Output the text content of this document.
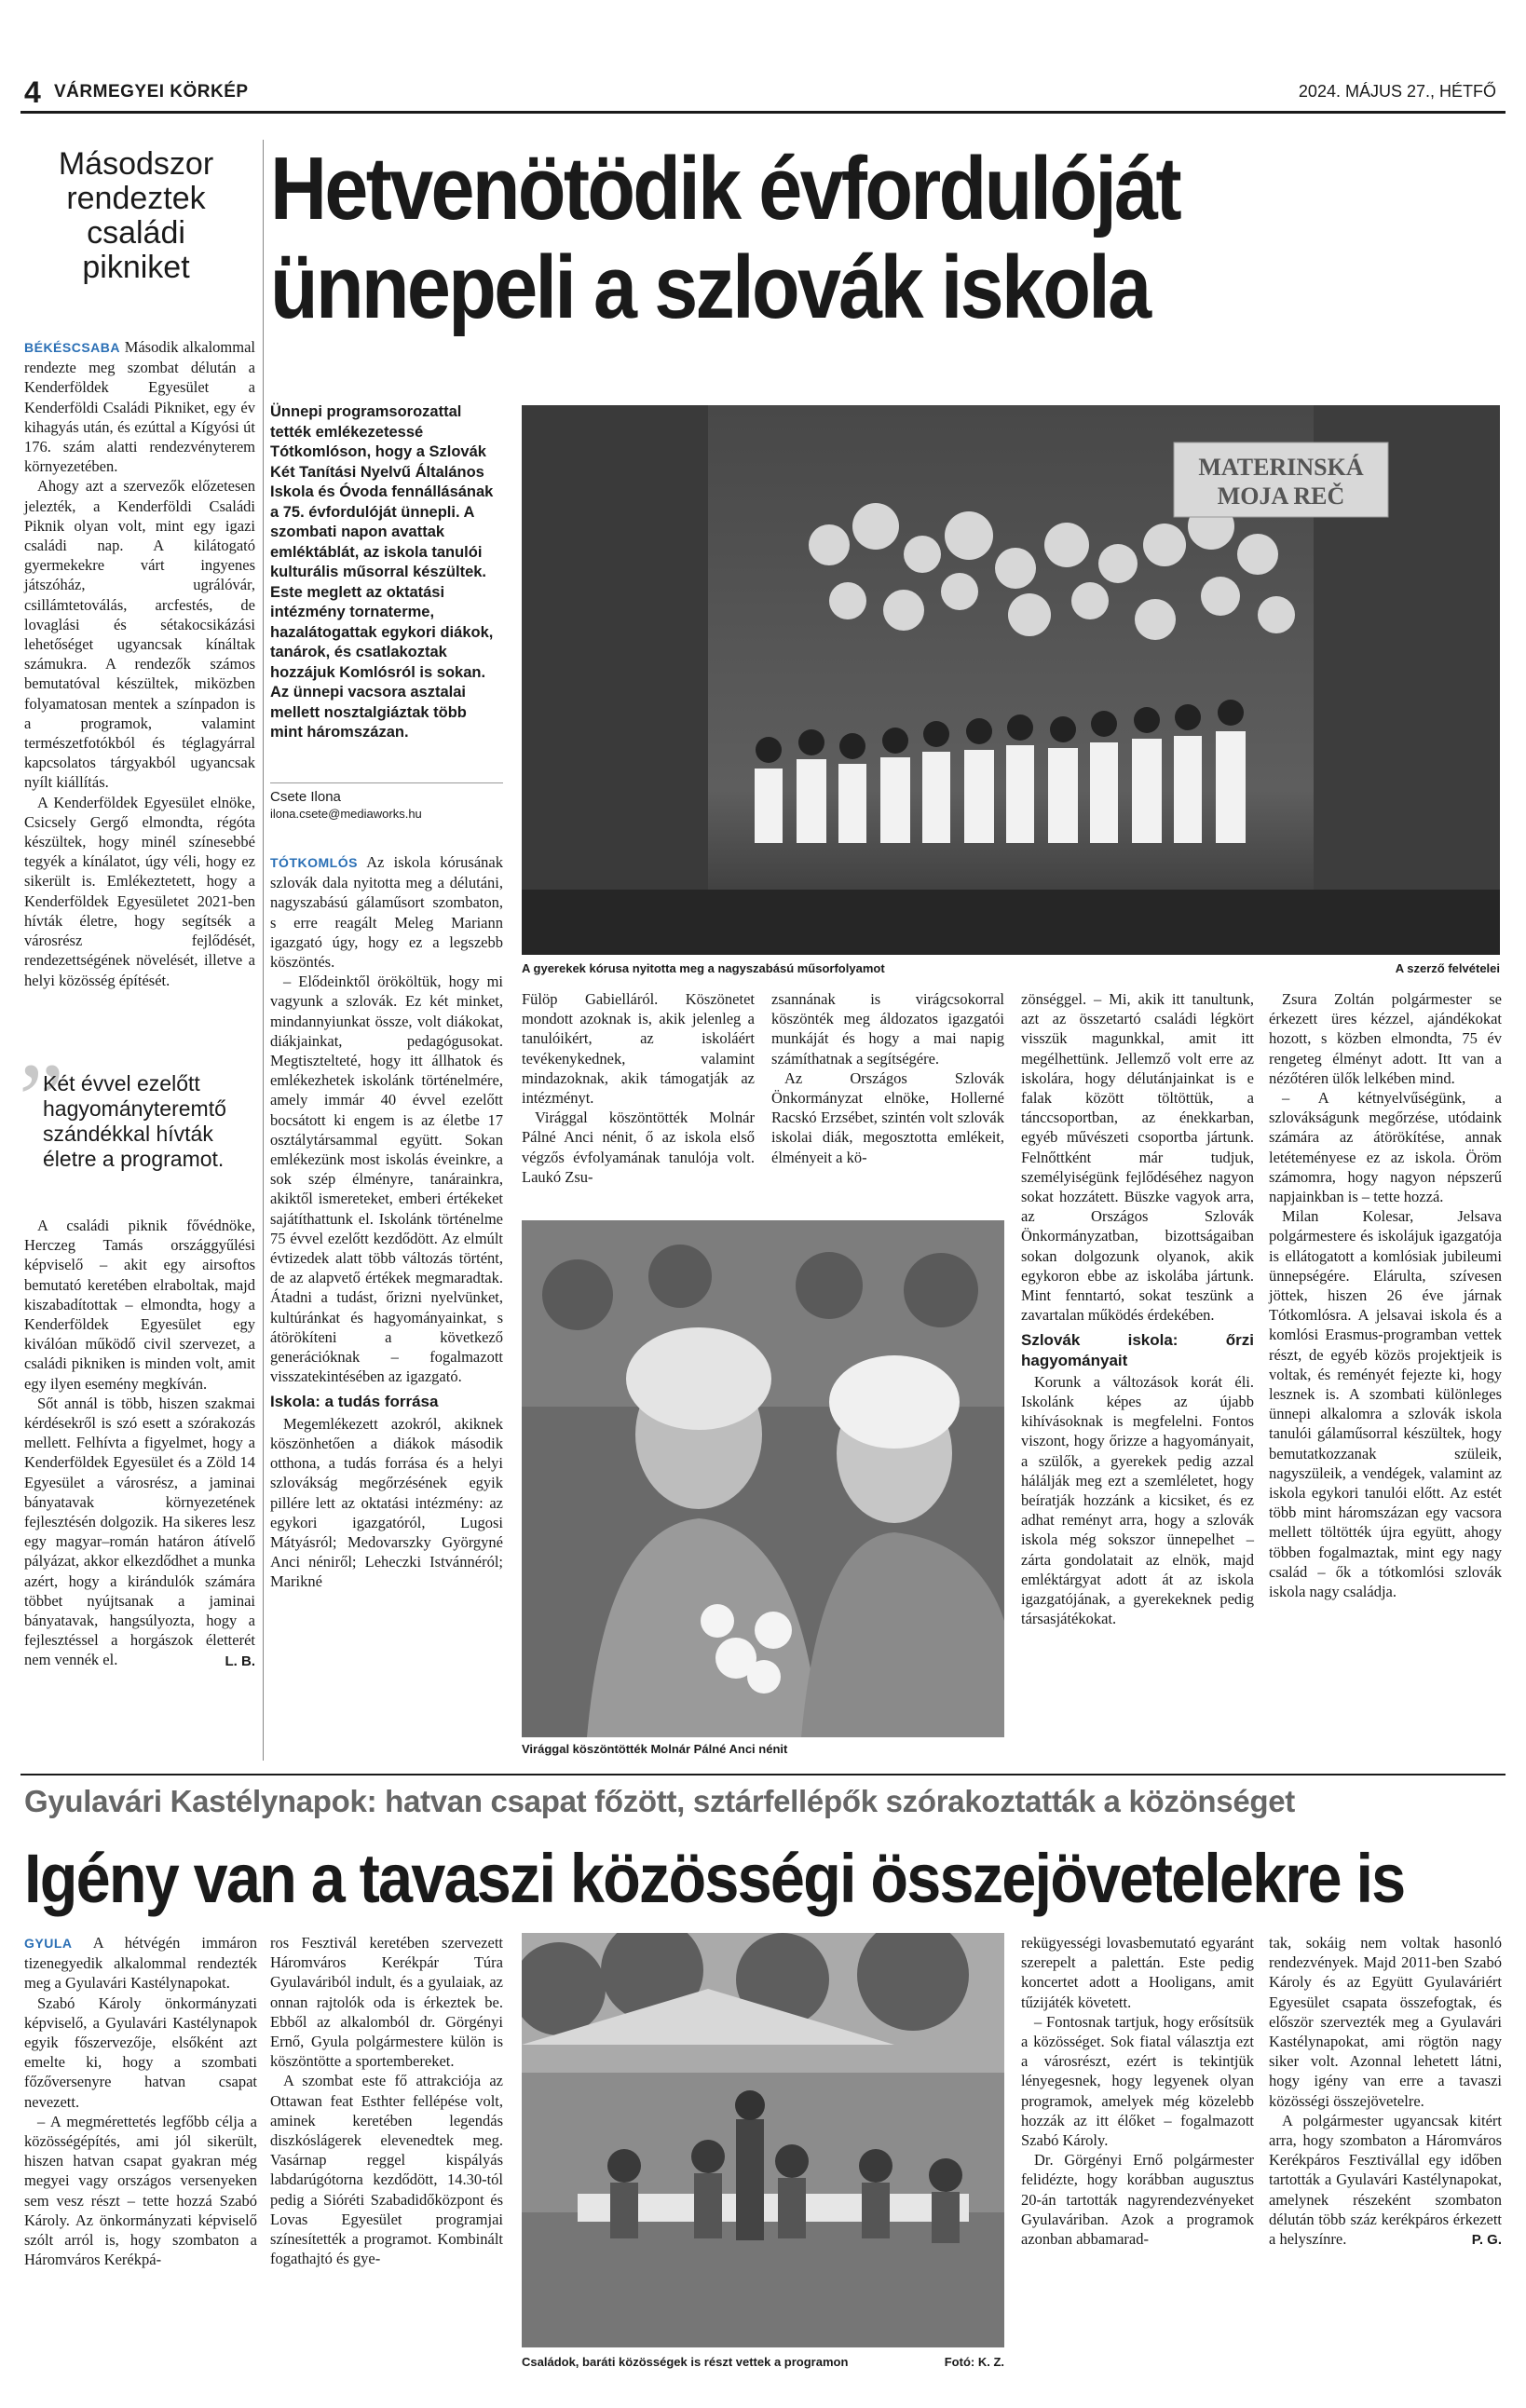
4 VÁRMEGYEI KÖRKÉP	2024. MÁJUS 27., HÉTFŐ
Másodszor
rendeztek
családi
pikniket

BÉKÉSCSABA Második alkalommal rendezte meg szombat délután a Kenderföldek Egyesület a Kenderföldi Családi Pikniket, egy év kihagyás után, és ezúttal a Kígyósi út 176. szám alatti rendezvényterem környezetében.

Ahogy azt a szervezők előzetesen jelezték, a Kenderföldi Családi Piknik olyan volt, mint egy igazi családi nap. A kilátogató gyermekekre várt ingyenes játszóház, ugrálóvár, csillámtetoválás, arcfestés, de lovaglási és sétakocsikázási lehetőséget ugyancsak kínáltak számukra. A rendezők számos bemutatóval készültek, miközben folyamatosan mentek a színpadon is a programok, valamint természetfotókból és téglagyárral kapcsolatos tárgyakból ugyancsak nyílt kiállítás.

A Kenderföldek Egyesület elnöke, Csicsely Gergő elmondta, régóta készültek, hogy minél színesebbé tegyék a kínálatot, úgy véli, hogy ez sikerült is. Emlékeztetett, hogy a Kenderföldek Egyesületet 2021-ben hívták életre, hogy segítsék a városrész fejlődését, rendezettségének növelését, illetve a helyi közösség építését.

”
Két évvel ezelőtt hagyományteremtő szándékkal hívták életre a programot.

A családi piknik fővédnöke, Herczeg Tamás országgyűlési képviselő – akit egy airsoftos bemutató keretében elraboltak, majd kiszabadítottak – elmondta, hogy a Kenderföldek Egyesület egy kiválóan működő civil szervezet, a családi pikniken is minden volt, amit egy ilyen esemény megkíván.

Sőt annál is több, hiszen szakmai kérdésekről is szó esett a szórakozás mellett. Felhívta a figyelmet, hogy a Kenderföldek Egyesület és a Zöld 14 Egyesület a városrész, a jaminai bányatavak környezetének fejlesztésén dolgozik. Ha sikeres lesz egy magyar–román határon átívelő pályázat, akkor elkezdődhet a munka azért, hogy a kirándulók számára többet nyújtsanak a jaminai bányatavak, hangsúlyozta, hogy a fejlesztéssel a horgászok életterét nem vennék el.	L. B.
Hetvenötödik évfordulóját
ünnepeli a szlovák iskola
Ünnepi programsorozattal tették emlékezetessé Tótkomlóson, hogy a Szlovák Két Tanítási Nyelvű Általános Iskola és Óvoda fennállásának a 75. évfordulóját ünnepli. A szombati napon avattak emléktáblát, az iskola tanulói kulturális műsorral készültek. Este meglett az oktatási intézmény tornaterme, hazalátogattak egykori diákok, tanárok, és csatlakoztak hozzájuk Komlósról is sokan. Az ünnepi vacsora asztalai mellett nosztalgiáztak több mint háromszázan.
Csete Ilona
ilona.csete@mediaworks.hu
MATERINSKÁ
MOJA REČ
A gyerekek kórusa nyitotta meg a nagyszabású műsorfolyamot	A szerző felvételei

TÓTKOMLÓS Az iskola kórusának szlovák dala nyitotta meg a délutáni, nagyszabású gálaműsort szombaton, s erre reagált Meleg Mariann igazgató úgy, hogy ez a legszebb köszöntés.

– Elődeinktől örököltük, hogy mi vagyunk a szlovák. Ez két minket, mindannyiunkat össze, volt diákokat, diákjainkat, pedagógusokat. Megtisztelteté, hogy itt állhatok és emlékezhetek iskolánk történelmére, amely immár 40 évvel ezelőtt bocsátott ki engem is az életbe 17 osztálytársammal együtt. Sokan emlékezünk most iskolás éveinkre, a sok szép élményre, tanárainkra, akiktől ismereteket, emberi értékeket sajátíthattunk el. Iskolánk történelme 75 évvel ezelőtt kezdődött. Az elmúlt évtizedek alatt több változás történt, de az alapvető értékek megmaradtak. Átadni a tudást, őrizni nyelvünket, kultúránkat és hagyományainkat, s átörökíteni a következő generációknak – fogalmazott visszatekintésében az igazgató.

Iskola: a tudás forrása

Megemlékezett azokról, akiknek köszönhetően a diákok második otthona, a tudás forrása és a helyi szlovákság megőrzésének egyik pillére lett az oktatási intézmény: az egykori igazgatóról, Lugosi Mátyásról; Medovarszky Györgyné Anci néniről; Leheczki Istvánnéról; Marikné

Fülöp Gabielláról. Köszönetet mondott azoknak is, akik jelenleg a tanulóikért, az iskoláért tevékenykednek, valamint mindazoknak, akik támogatják az intézményt.

Virággal köszöntötték Molnár Pálné Anci nénit, ő az iskola első végzős évfolyamának tanulója volt. Laukó Zsu-

zsannának is virágcsokorral köszönték meg áldozatos igazgatói munkáját és hogy a mai napig számíthatnak a segítségére.

Az Országos Szlovák Önkormányzat elnöke, Hollerné Racskó Erzsébet, szintén volt szlovák iskolai diák, megosztotta emlékeit, élményeit a kö-

Virággal köszöntötték Molnár Pálné Anci nénit

zönséggel. – Mi, akik itt tanultunk, azt az összetartó családi légkört visszük magunkkal, amit itt megélhettünk. Jellemző volt erre az iskolára, hogy délutánjainkat is e falak között töltöttük, a tánccsoportban, az énekkarban, egyéb művészeti csoportba jártunk. Felnőttként már tudjuk, személyiségünk fejlődéséhez nagyon sokat hozzátett. Büszke vagyok arra, az Országos Szlovák Önkormányzatban, bizottságaiban sokan dolgozunk olyanok, akik egykoron ebbe az iskolába jártunk. Mint fenntartó, sokat teszünk a zavartalan működés érdekében.

Szlovák iskola: őrzi hagyományait

Korunk a változások korát éli. Iskolánk képes az újabb kihívásoknak is megfelelni. Fontos viszont, hogy őrizze a hagyományait, a szülők, a gyerekek pedig azzal hálálják meg ezt a szemléletet, hogy beíratják hozzánk a kicsiket, és ez adhat reményt arra, hogy a szlovák iskola még sokszor ünnepelhet – zárta gondolatait az elnök, majd emléktárgyat adott át az iskola igazgatójának, a gyerekeknek pedig társasjátékokat.

Zsura Zoltán polgármester se érkezett üres kézzel, ajándékokat hozott, s közben elmondta, 75 év rengeteg élményt adott. Itt van a nézőtéren ülők lelkében mind.

– A kétnyelvűségünk, a szlovákságunk megőrzése, utódaink számára az átörökítése, annak letéteményese ez az iskola. Öröm számomra, hogy nagyon népszerű napjainkban is – tette hozzá.

Milan Kolesar, Jelsava polgármestere és iskolájuk igazgatója is ellátogatott a komlósiak jubileumi ünnepségére. Elárulta, szívesen jöttek, hiszen 26 éve járnak Tótkomlósra. A jelsavai iskola és a komlósi Erasmus-programban vettek részt, de egyéb közös projektjeik is voltak, és reményét fejezte ki, hogy lesznek is. A szombati különleges ünnepi alkalomra a szlovák iskola tanulói gálaműsorral készültek, hogy bemutatkozzanak szüleik, nagyszüleik, a vendégek, valamint az iskola egykori tanulói előtt. Az estét több mint háromszázan egy vacsora mellett töltötték újra együtt, ahogy többen fogalmaztak, mint egy nagy család – ők a tótkomlósi szlovák iskola nagy családja.

Gyulavári Kastélynapok: hatvan csapat főzött, sztárfellépők szórakoztatták a közönséget
Igény van a tavaszi közösségi összejövetelekre is

GYULA A hétvégén immáron tizenegyedik alkalommal rendezték meg a Gyulavári Kastélynapokat.

Szabó Károly önkormányzati képviselő, a Gyulavári Kastélynapok egyik főszervezője, elsőként azt emelte ki, hogy a szombati főzőversenyre hatvan csapat nevezett.

– A megmérettetés legfőbb célja a közösségépítés, ami jól sikerült, hiszen hatvan csapat gyakran még megyei vagy országos versenyeken sem vesz részt – tette hozzá Szabó Károly. Az önkormányzati képviselő szólt arról is, hogy szombaton a Háromváros Kerékpá-

ros Fesztivál keretében szervezett Háromváros Kerékpár Túra Gyulaváriból indult, és a gyulaiak, az onnan rajtolók oda is érkeztek be. Ebből az alkalomból dr. Görgényi Ernő, Gyula polgármestere külön is köszöntötte a sportembereket.

A szombat este fő attrakciója az Ottawan feat Esthter fellépése volt, aminek keretében legendás diszkóslágerek elevenedtek meg. Vasárnap reggel kispályás labdarúgótorna kezdődött, 14.30-tól pedig a Sióréti Szabadidőközpont és Lovas Egyesület programjai színesítették a programot. Kombinált fogathajtó és gye-

Családok, baráti közösségek is részt vettek a programon	Fotó: K. Z.

rekügyességi lovasbemutató egyaránt szerepelt a palettán. Este pedig koncertet adott a Hooligans, amit tűzijáték követett.

– Fontosnak tartjuk, hogy erősítsük a közösséget. Sok fiatal választja ezt a városrészt, ezért is tekintjük lényegesnek, hogy legyenek olyan programok, amelyek még közelebb hozzák az itt élőket – fogalmazott Szabó Károly.

Dr. Görgényi Ernő polgármester felidézte, hogy korábban augusztus 20-án tartották nagyrendezvényeket Gyulaváriban. Azok a programok azonban abbamarad-

tak, sokáig nem voltak hasonló rendezvények. Majd 2011-ben Szabó Károly és az Együtt Gyulaváriért Egyesület csapata összefogtak, és először szervezték meg a Gyulavári Kastélynapokat, ami rögtön nagy siker volt. Azonnal lehetett látni, hogy igény van erre a tavaszi közösségi összejövetelre.

A polgármester ugyancsak kitért arra, hogy szombaton a Háromváros Kerékpáros Fesztivállal egy időben tartották a Gyulavári Kastélynapokat, amelynek részeként szombaton délután több száz kerékpáros érkezett a helyszínre.	P. G.
